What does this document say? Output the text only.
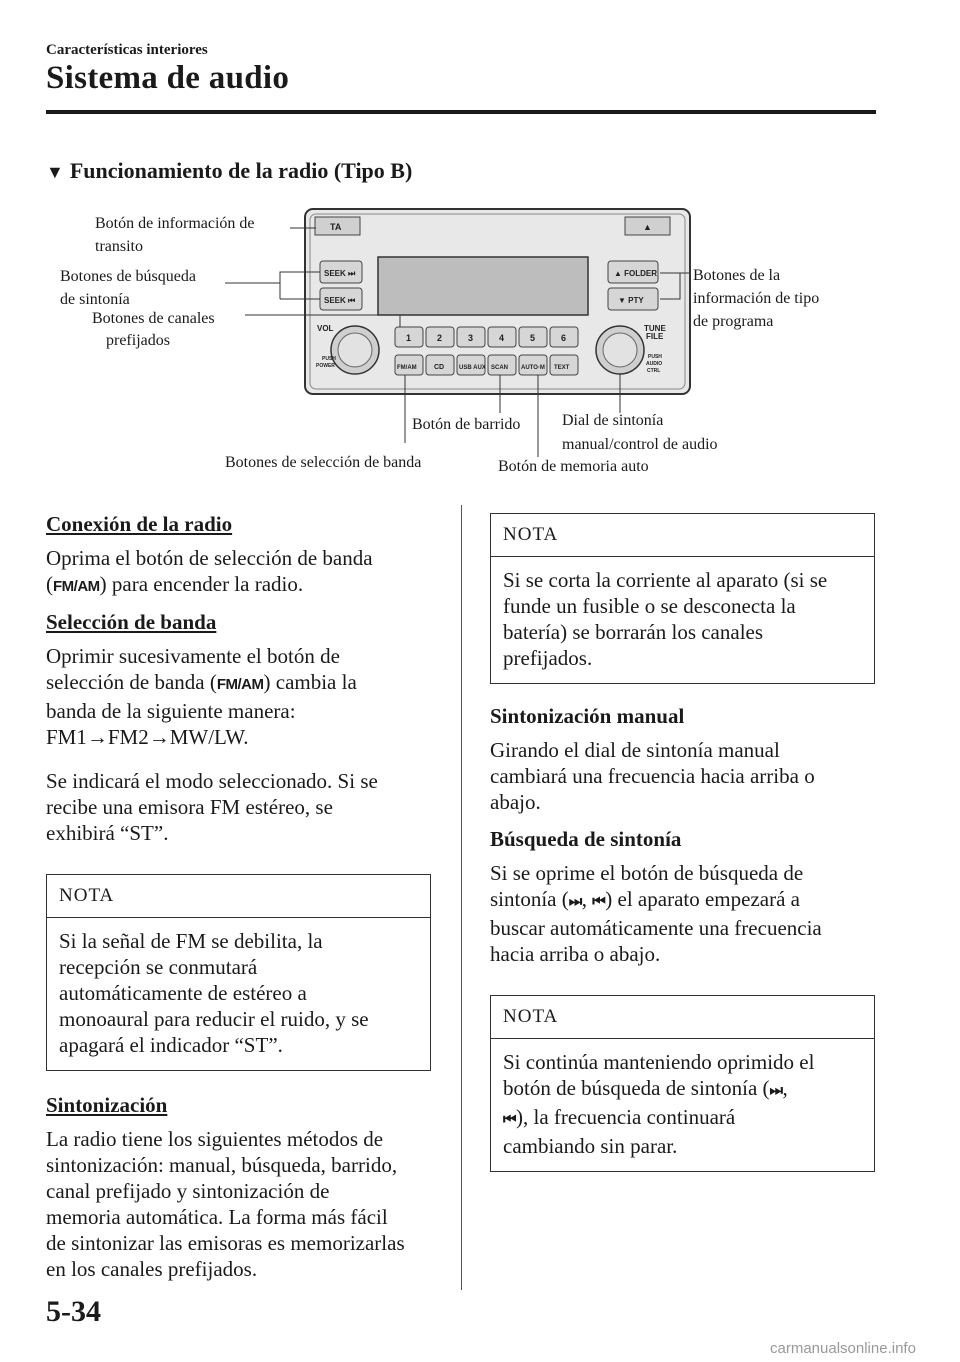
Características interiores
Sistema de audio
▼ Funcionamiento de la radio (Tipo B)
TA	▲
SEEK ⏭
SEEK ⏮
▲ FOLDER
▼ PTY
VOL
PUSH
POWER
TUNE
FILE
PUSH
AUDIO
CTRL
1	2	3	4	5	6
FM/AM CD USB AUX SCAN AUTO·M TEXT
Botón de información de
transito
Botones de búsqueda
de sintonía
Botones de canales
prefijados
Botones de la
información de tipo
de programa
Botón de barrido	Dial de sintonía
manual/control de audio
Botones de selección de banda	Botón de memoria auto
Conexión de la radio
Oprima el botón de selección de banda
(FM/AM) para encender la radio.
Selección de banda
Oprimir sucesivamente el botón de
selección de banda (FM/AM) cambia la
banda de la siguiente manera:
FM1→FM2→MW/LW.
Se indicará el modo seleccionado. Si se
recibe una emisora FM estéreo, se
exhibirá “ST”.
NOTA
Si la señal de FM se debilita, la
recepción se conmutará
automáticamente de estéreo a
monoaural para reducir el ruido, y se
apagará el indicador “ST”.
Sintonización
La radio tiene los siguientes métodos de
sintonización: manual, búsqueda, barrido,
canal prefijado y sintonización de
memoria automática. La forma más fácil
de sintonizar las emisoras es memorizarlas
en los canales prefijados.
NOTA
Si se corta la corriente al aparato (si se
funde un fusible o se desconecta la
batería) se borrarán los canales
prefijados.
Sintonización manual
Girando el dial de sintonía manual
cambiará una frecuencia hacia arriba o
abajo.
Búsqueda de sintonía
Si se oprime el botón de búsqueda de
sintonía (⏭, ⏮) el aparato empezará a
buscar automáticamente una frecuencia
hacia arriba o abajo.
NOTA
Si continúa manteniendo oprimido el
botón de búsqueda de sintonía (⏭,
⏮), la frecuencia continuará
cambiando sin parar.
5-34
carmanualsonline.info
